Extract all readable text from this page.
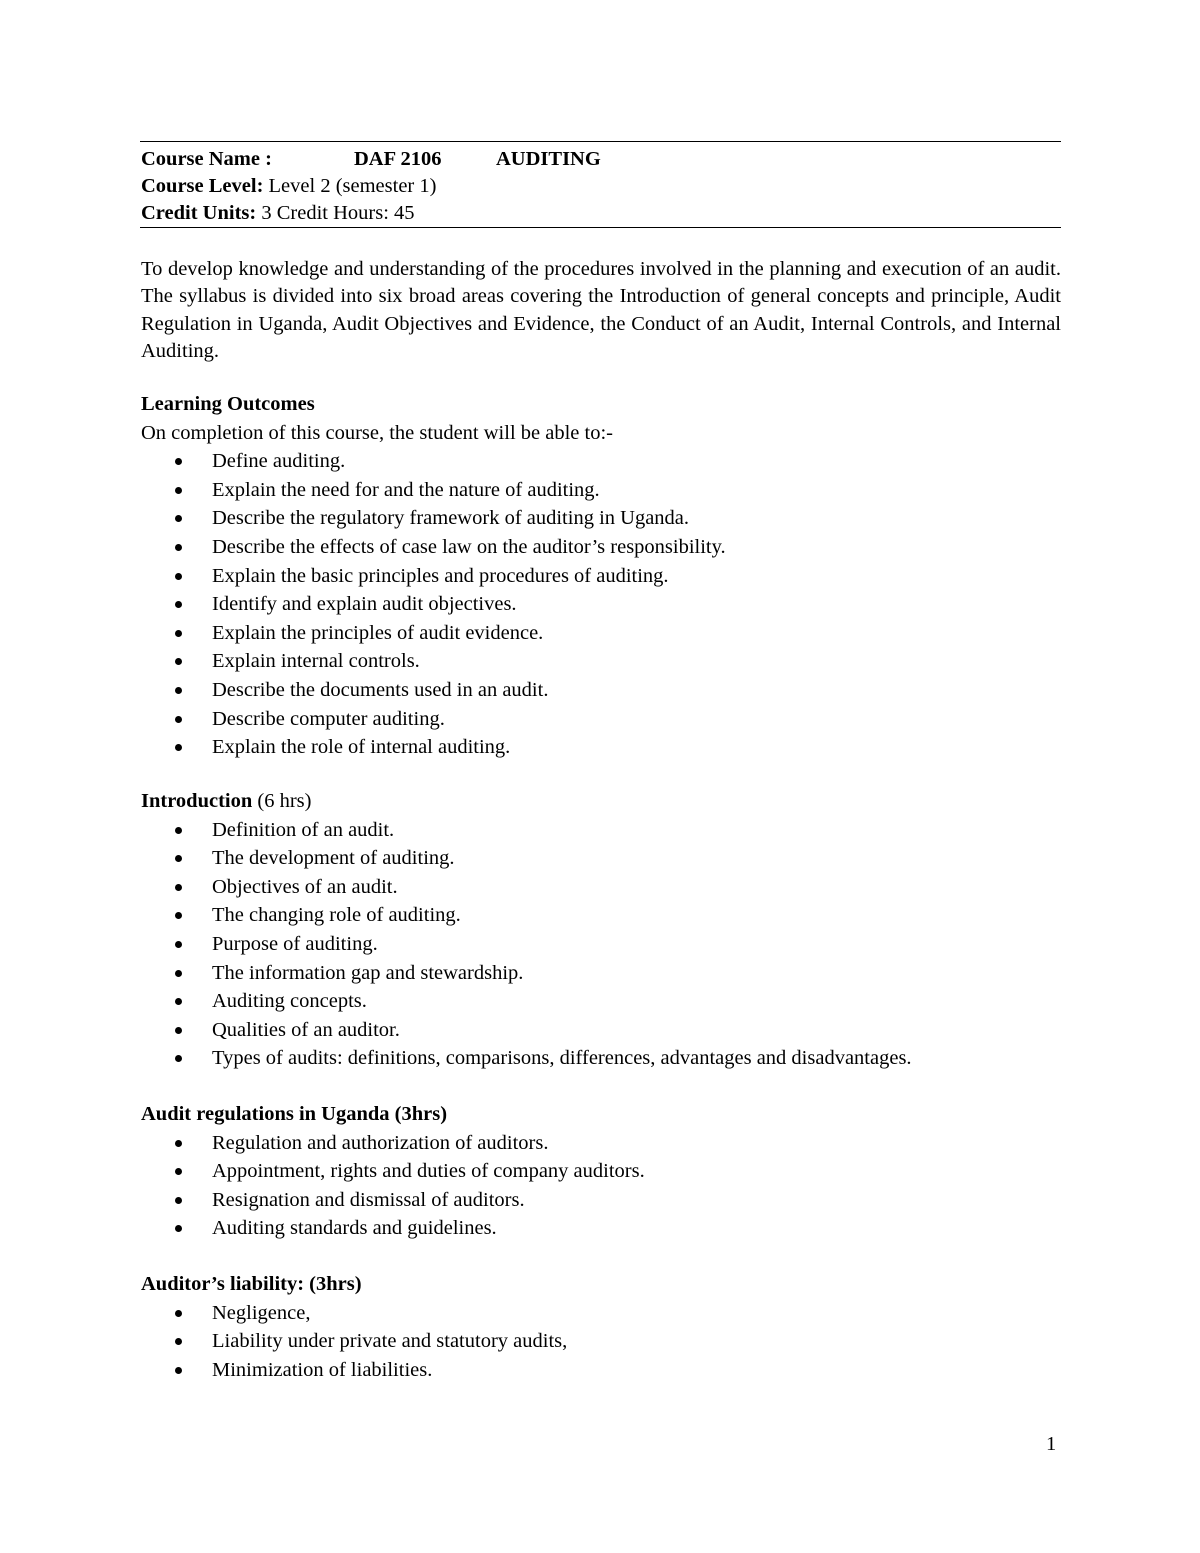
Course Name :	DAF 2106	AUDITING
Course Level: Level 2 (semester 1)
Credit Units: 3 Credit Hours: 45

To develop knowledge and understanding of the procedures involved in the planning and execution of an audit. The syllabus is divided into six broad areas covering the Introduction of general concepts and principle, Audit Regulation in Uganda, Audit Objectives and Evidence, the Conduct of an Audit, Internal Controls, and Internal Auditing.

Learning Outcomes
On completion of this course, the student will be able to:-
Define auditing.
Explain the need for and the nature of auditing.
Describe the regulatory framework of auditing in Uganda.
Describe the effects of case law on the auditor’s responsibility.
Explain the basic principles and procedures of auditing.
Identify and explain audit objectives.
Explain the principles of audit evidence.
Explain internal controls.
Describe the documents used in an audit.
Describe computer auditing.
Explain the role of internal auditing.
Introduction (6 hrs)
Definition of an audit.
The development of auditing.
Objectives of an audit.
The changing role of auditing.
Purpose of auditing.
The information gap and stewardship.
Auditing concepts.
Qualities of an auditor.
Types of audits: definitions, comparisons, differences, advantages and disadvantages.
Audit regulations in Uganda (3hrs)
Regulation and authorization of auditors.
Appointment, rights and duties of company auditors.
Resignation and dismissal of auditors.
Auditing standards and guidelines.
Auditor’s liability: (3hrs)
Negligence,
Liability under private and statutory audits,
Minimization of liabilities.
1
